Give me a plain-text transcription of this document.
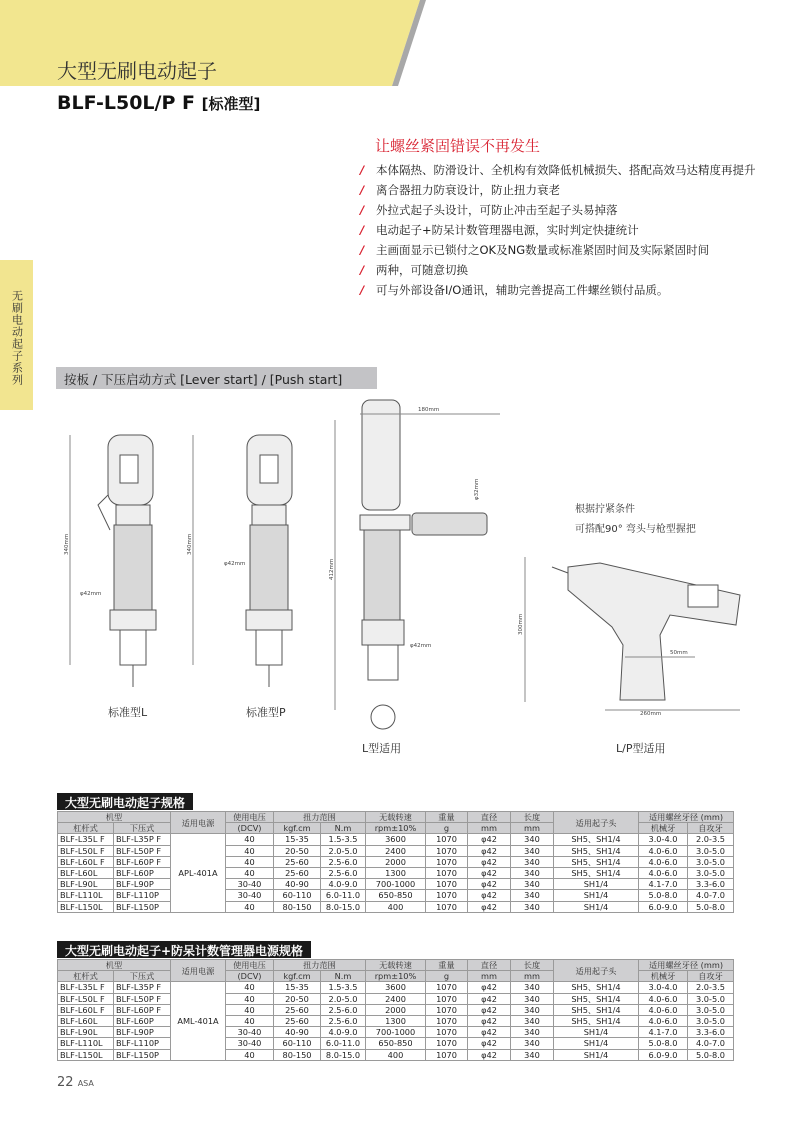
大型无刷电动起子
BLF-L50L/P F [标准型]
无刷电动起子系列
让螺丝紧固错误不再发生
/	本体隔热、防滑设计、全机构有效降低机械损失、搭配高效马达精度再提升
/	离合器扭力防衰设计，防止扭力衰老
/	外拉式起子头设计，可防止冲击至起子头易掉落
/	电动起子+防呆计数管理器电源，实时判定快捷统计
/	主画面显示已锁付之OK及NG数量或标准紧固时间及实际紧固时间
/	两种，可随意切换
/	可与外部设备I/O通讯，辅助完善提高工件螺丝锁付品质。
按板 / 下压启动方式 [Lever start] / [Push start]
340mm
φ42mm
340mm
φ42mm	412mm
180mm
φ32mm
φ42mm
300mm
50mm
260mm
标准型L	标准型P
L型适用	L/P型适用
根据拧紧条件
可搭配90° 弯头与枪型握把
大型无刷电动起子规格
机型		适用电源	使用电压	扭力范围		无载转速	重量	直径	长度	适用起子头	适用螺丝牙径 (mm)	
杠杆式	下压式		(DCV)	kgf.cm	N.m	rpm±10%	g	mm	mm		机械牙	自攻牙
BLF-L35L F	BLF-L35P F	APL-401A	40	15-35	1.5-3.5	3600	1070	φ42	340	SH5、SH1/4	3.0-4.0	2.0-3.5
BLF-L50L F	BLF-L50P F		40	20-50	2.0-5.0	2400	1070	φ42	340	SH5、SH1/4	4.0-6.0	3.0-5.0
BLF-L60L F	BLF-L60P F		40	25-60	2.5-6.0	2000	1070	φ42	340	SH5、SH1/4	4.0-6.0	3.0-5.0
BLF-L60L	BLF-L60P		40	25-60	2.5-6.0	1300	1070	φ42	340	SH5、SH1/4	4.0-6.0	3.0-5.0
BLF-L90L	BLF-L90P		30-40	40-90	4.0-9.0	700-1000	1070	φ42	340	SH1/4	4.1-7.0	3.3-6.0
BLF-L110L	BLF-L110P		30-40	60-110	6.0-11.0	650-850	1070	φ42	340	SH1/4	5.0-8.0	4.0-7.0
BLF-L150L	BLF-L150P		40	80-150	8.0-15.0	400	1070	φ42	340	SH1/4	6.0-9.0	5.0-8.0
大型无刷电动起子+防呆计数管理器电源规格
机型		适用电源	使用电压	扭力范围		无载转速	重量	直径	长度	适用起子头	适用螺丝牙径 (mm)	
杠杆式	下压式		(DCV)	kgf.cm	N.m	rpm±10%	g	mm	mm		机械牙	自攻牙
BLF-L35L F	BLF-L35P F	AML-401A	40	15-35	1.5-3.5	3600	1070	φ42	340	SH5、SH1/4	3.0-4.0	2.0-3.5
BLF-L50L F	BLF-L50P F		40	20-50	2.0-5.0	2400	1070	φ42	340	SH5、SH1/4	4.0-6.0	3.0-5.0
BLF-L60L F	BLF-L60P F		40	25-60	2.5-6.0	2000	1070	φ42	340	SH5、SH1/4	4.0-6.0	3.0-5.0
BLF-L60L	BLF-L60P		40	25-60	2.5-6.0	1300	1070	φ42	340	SH5、SH1/4	4.0-6.0	3.0-5.0
BLF-L90L	BLF-L90P		30-40	40-90	4.0-9.0	700-1000	1070	φ42	340	SH1/4	4.1-7.0	3.3-6.0
BLF-L110L	BLF-L110P		30-40	60-110	6.0-11.0	650-850	1070	φ42	340	SH1/4	5.0-8.0	4.0-7.0
BLF-L150L	BLF-L150P		40	80-150	8.0-15.0	400	1070	φ42	340	SH1/4	6.0-9.0	5.0-8.0
22 ASA
